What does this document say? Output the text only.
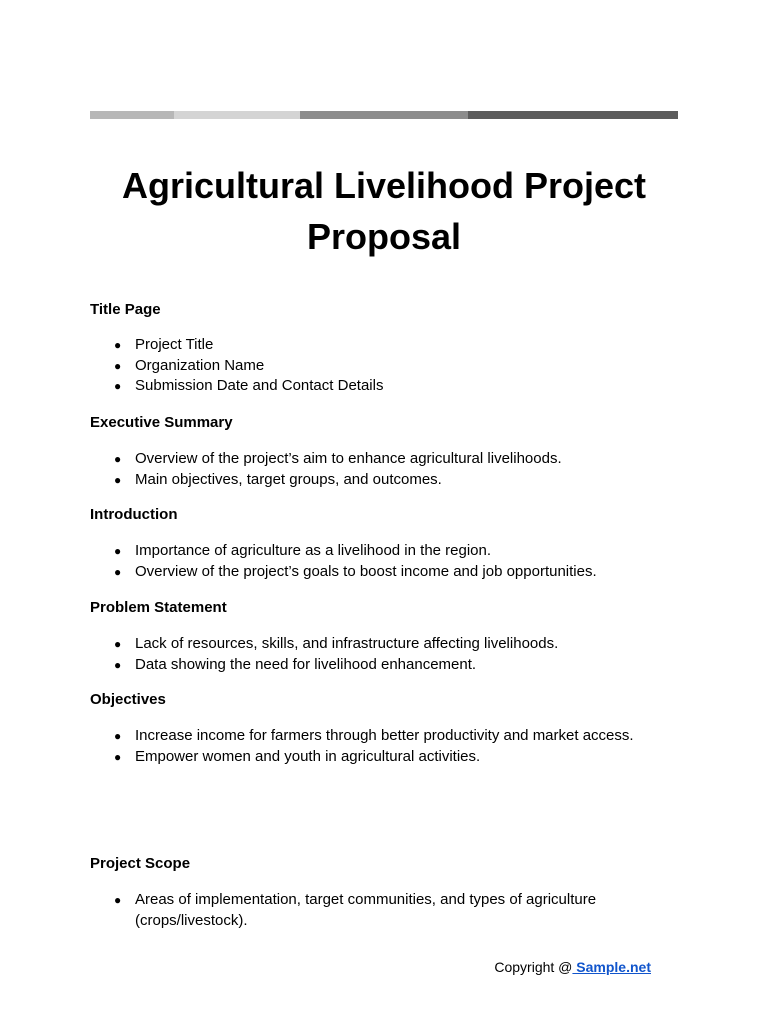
Agricultural Livelihood Project Proposal
Title Page
● Project Title
● Organization Name
● Submission Date and Contact Details
Executive Summary
● Overview of the project’s aim to enhance agricultural livelihoods.
● Main objectives, target groups, and outcomes.
Introduction
● Importance of agriculture as a livelihood in the region.
● Overview of the project’s goals to boost income and job opportunities.
Problem Statement
● Lack of resources, skills, and infrastructure affecting livelihoods.
● Data showing the need for livelihood enhancement.
Objectives
● Increase income for farmers through better productivity and market access.
● Empower women and youth in agricultural activities.
Project Scope
● Areas of implementation, target communities, and types of agriculture (crops/livestock).
Copyright @ Sample.net
